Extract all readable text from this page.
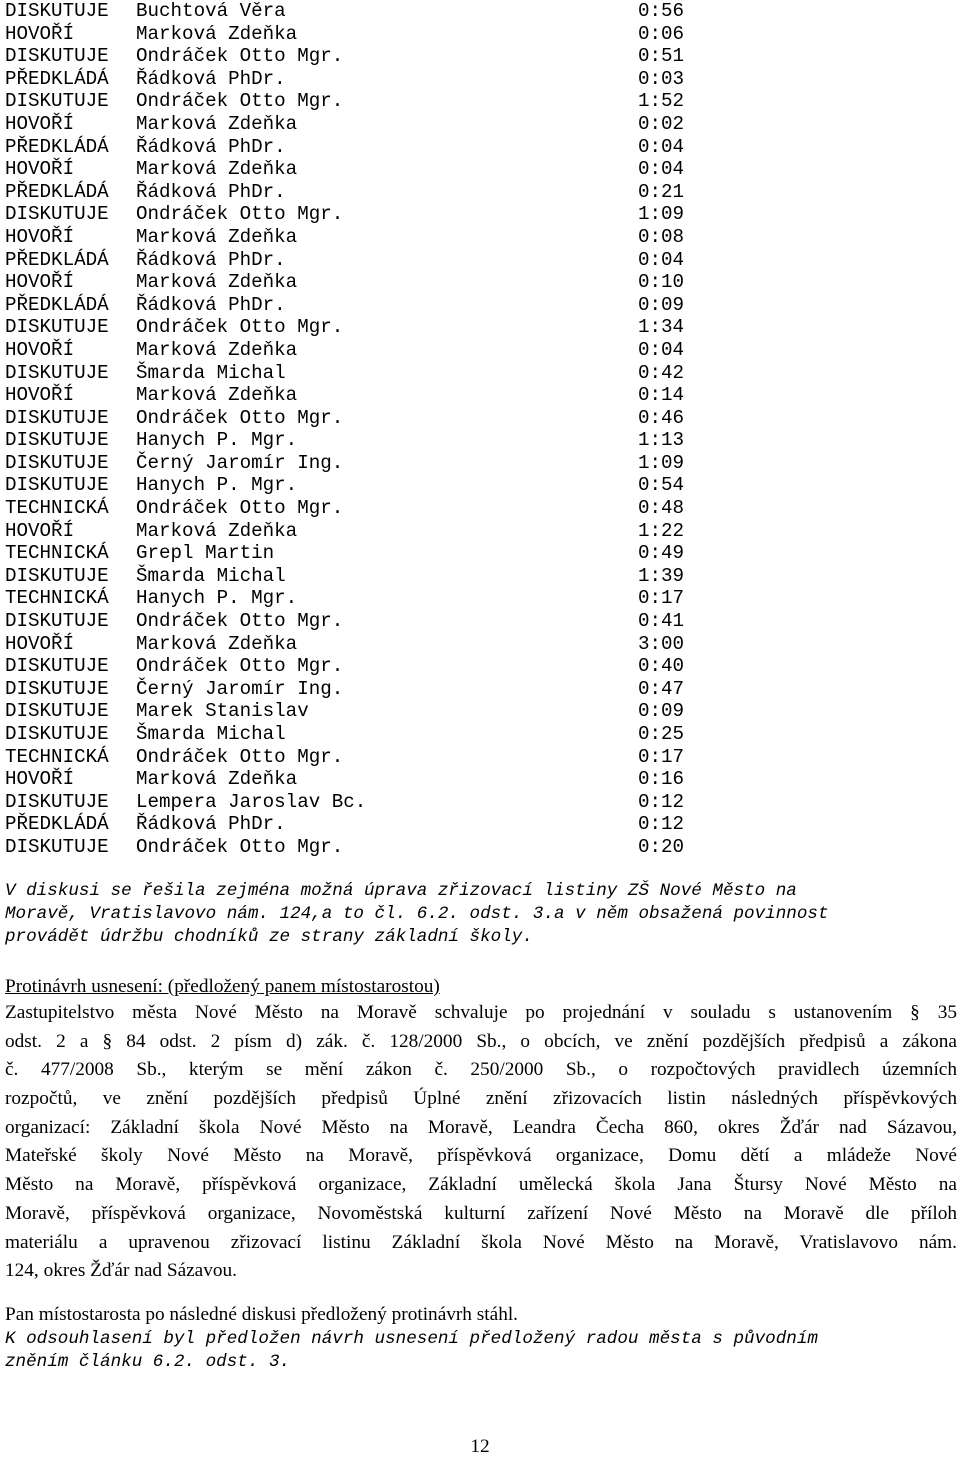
DISKUTUJE Buchtová Věra	0:56
HOVOŘÍ	Marková Zdeňka	0:06
DISKUTUJE Ondráček Otto Mgr.	0:51
PŘEDKLÁDÁ Řádková PhDr.	0:03
DISKUTUJE Ondráček Otto Mgr.	1:52
HOVOŘÍ	Marková Zdeňka	0:02
PŘEDKLÁDÁ Řádková PhDr.	0:04
HOVOŘÍ	Marková Zdeňka	0:04
PŘEDKLÁDÁ Řádková PhDr.	0:21
DISKUTUJE Ondráček Otto Mgr.	1:09
HOVOŘÍ	Marková Zdeňka	0:08
PŘEDKLÁDÁ Řádková PhDr.	0:04
HOVOŘÍ	Marková Zdeňka	0:10
PŘEDKLÁDÁ Řádková PhDr.	0:09
DISKUTUJE Ondráček Otto Mgr.	1:34
HOVOŘÍ	Marková Zdeňka	0:04
DISKUTUJE Šmarda Michal	0:42
HOVOŘÍ	Marková Zdeňka	0:14
DISKUTUJE Ondráček Otto Mgr.	0:46
DISKUTUJE Hanych P. Mgr.	1:13
DISKUTUJE Černý Jaromír Ing.	1:09
DISKUTUJE Hanych P. Mgr.	0:54
TECHNICKÁ Ondráček Otto Mgr.	0:48
HOVOŘÍ	Marková Zdeňka	1:22
TECHNICKÁ Grepl Martin	0:49
DISKUTUJE Šmarda Michal	1:39
TECHNICKÁ Hanych P. Mgr.	0:17
DISKUTUJE Ondráček Otto Mgr.	0:41
HOVOŘÍ	Marková Zdeňka	3:00
DISKUTUJE Ondráček Otto Mgr.	0:40
DISKUTUJE Černý Jaromír Ing.	0:47
DISKUTUJE Marek Stanislav	0:09
DISKUTUJE Šmarda Michal	0:25
TECHNICKÁ Ondráček Otto Mgr.	0:17
HOVOŘÍ	Marková Zdeňka	0:16
DISKUTUJE Lempera Jaroslav Bc.	0:12
PŘEDKLÁDÁ Řádková PhDr.	0:12
DISKUTUJE Ondráček Otto Mgr.	0:20
V diskusi se řešila zejména možná úprava zřizovací listiny ZŠ Nové Město na
Moravě, Vratislavovo nám. 124,a to čl. 6.2. odst. 3.a v něm obsažená povinnost
provádět údržbu chodníků ze strany základní školy.
Protinávrh usnesení: (předložený panem místostarostou)
Zastupitelstvo města Nové Město na Moravě schvaluje po projednání v souladu s ustanovením § 35
odst. 2 a § 84 odst. 2 písm d) zák. č. 128/2000 Sb., o obcích, ve znění pozdějších předpisů a zákona
č. 477/2008 Sb., kterým se mění zákon č. 250/2000 Sb., o rozpočtových pravidlech územních
rozpočtů, ve znění pozdějších předpisů Úplné znění zřizovacích listin následných příspěvkových
organizací: Základní škola Nové Město na Moravě, Leandra Čecha 860, okres Žďár nad Sázavou,
Mateřské školy Nové Město na Moravě, příspěvková organizace, Domu dětí a mládeže Nové
Město na Moravě, příspěvková organizace, Základní umělecká škola Jana Štursy Nové Město na
Moravě, příspěvková organizace, Novoměstská kulturní zařízení Nové Město na Moravě dle příloh
materiálu a upravenou zřizovací listinu Základní škola Nové Město na Moravě, Vratislavovo nám.
124, okres Žďár nad Sázavou.
Pan místostarosta po následné diskusi předložený protinávrh stáhl.
K odsouhlasení byl předložen návrh usnesení předložený radou města s původním
zněním článku 6.2. odst. 3.
12
